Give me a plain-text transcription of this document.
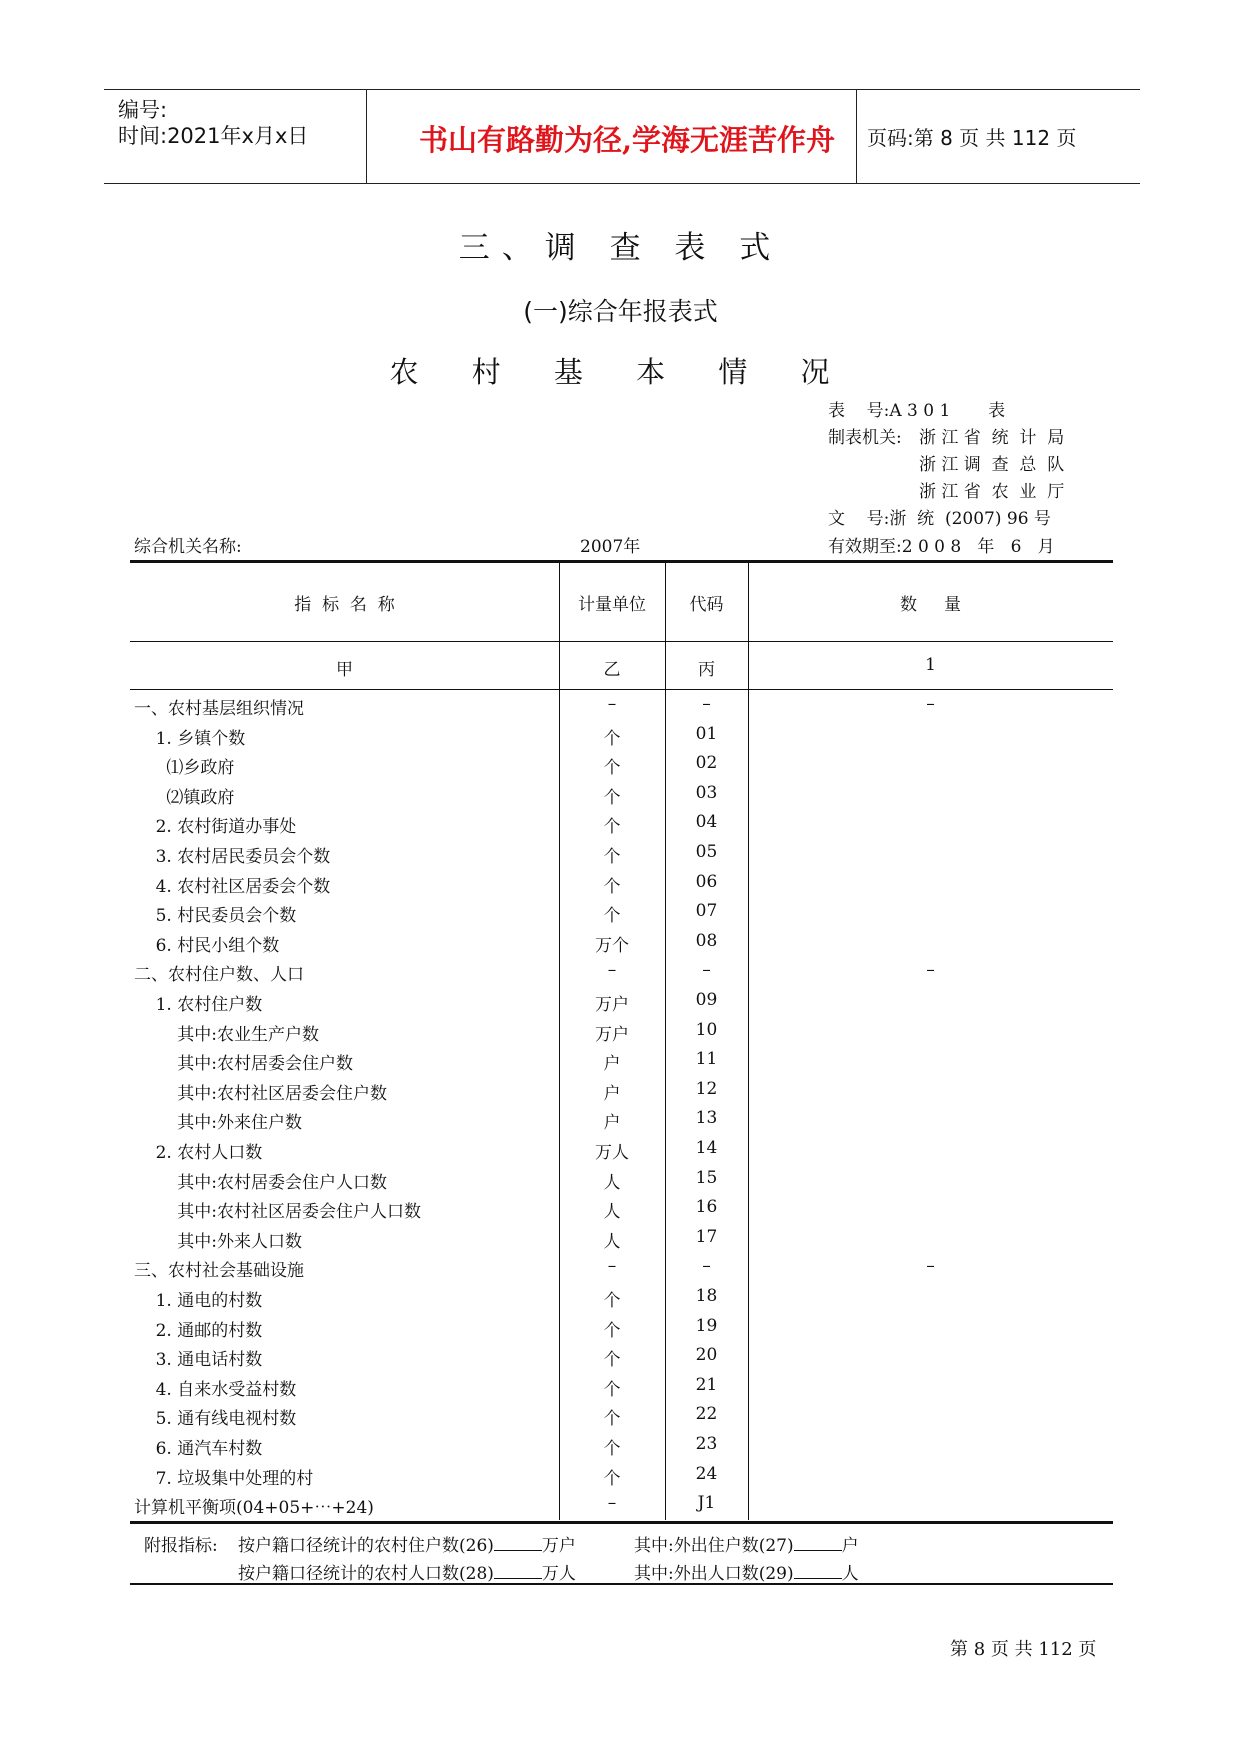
编号:
时间:2021年x月x日	书山有路勤为径,学海无涯苦作舟	页码:第 8 页 共 112 页
三、调 查 表 式
(一)综合年报表式
农 村 基 本 情 况
表    号:A 3 0 1       表
制表机关: 浙 江 省  统  计  局
浙 江 调  查  总  队
浙 江 省  农  业  厅
文    号:浙  统  (2007) 96 号
有效期至:2 0 0 8   年   6   月
综合机关名称:	2007年
指  标  名  称	计量单位	代码	数     量
甲	乙	丙	1
一、农村基层组织情况	–	–	–
1. 乡镇个数	个	01
⑴乡政府	个	02
⑵镇政府	个	03
2. 农村街道办事处	个	04
3. 农村居民委员会个数	个	05
4. 农村社区居委会个数	个	06
5. 村民委员会个数	个	07
6. 村民小组个数	万个	08
二、农村住户数、人口	–	–	–
1. 农村住户数	万户	09
其中:农业生产户数	万户	10
其中:农村居委会住户数	户	11
其中:农村社区居委会住户数	户	12
其中:外来住户数	户	13
2. 农村人口数	万人	14
其中:农村居委会住户人口数	人	15
其中:农村社区居委会住户人口数	人	16
其中:外来人口数	人	17
三、农村社会基础设施	–	–	–
1. 通电的村数	个	18
2. 通邮的村数	个	19
3. 通电话村数	个	20
4. 自来水受益村数	个	21
5. 通有线电视村数	个	22
6. 通汽车村数	个	23
7. 垃圾集中处理的村	个	24
计算机平衡项(04+05+⋯+24)	–	J1
附报指标: 按户籍口径统计的农村住户数(26)	万户	其中:外出住户数(27)	户
按户籍口径统计的农村人口数(28)	万人	其中:外出人口数(29)	人
第 8 页 共 112 页
